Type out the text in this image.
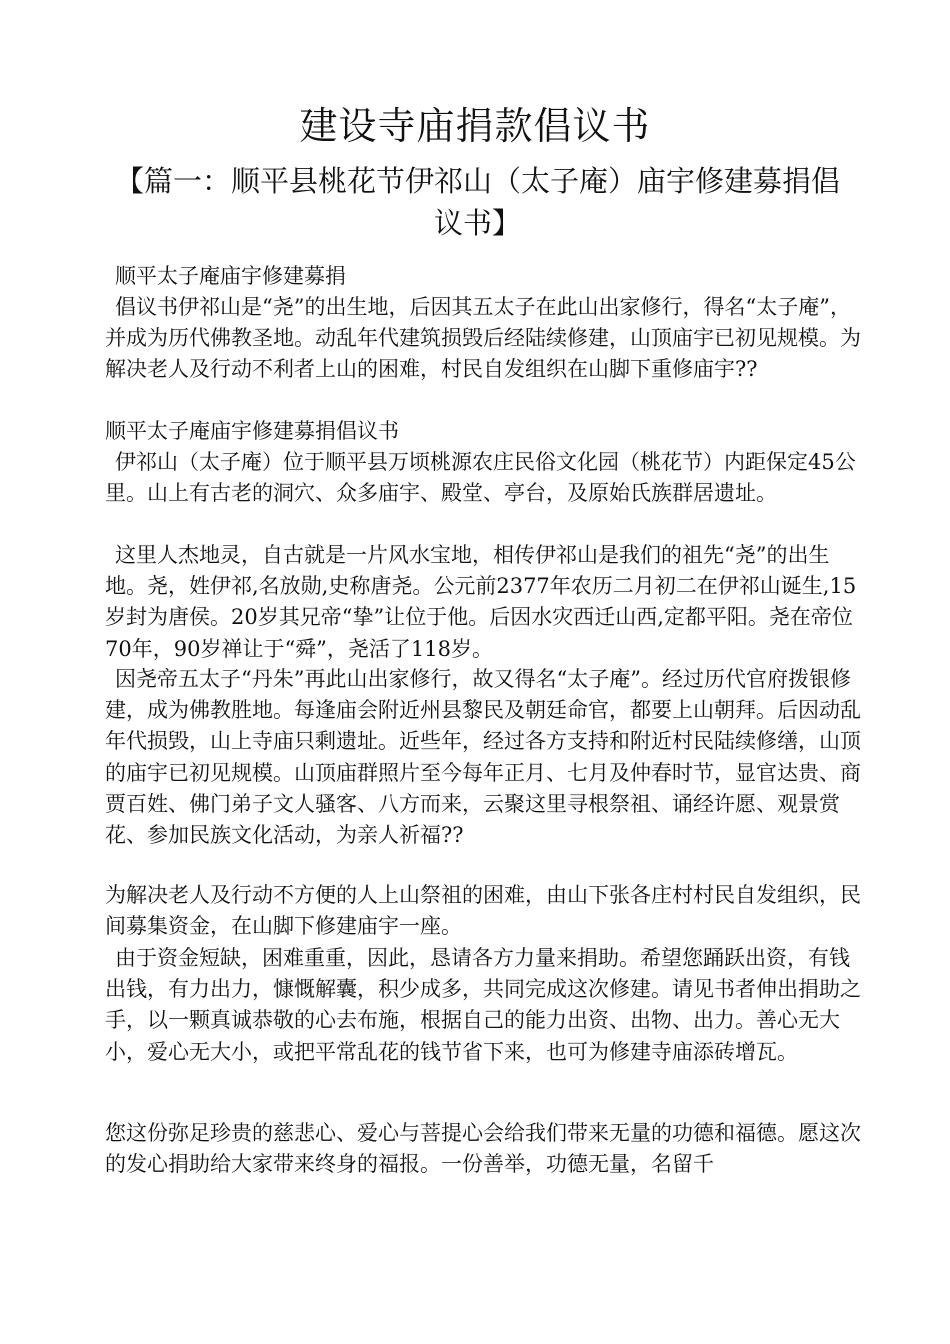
建设寺庙捐款倡议书
【篇一：顺平县桃花节伊祁山（太子庵）庙宇修建募捐倡议书】

顺平太子庵庙宇修建募捐

倡议书伊祁山是“尧”的出生地，后因其五太子在此山出家修行，得名“太子庵”，并成为历代佛教圣地。动乱年代建筑损毁后经陆续修建，山顶庙宇已初见规模。为解决老人及行动不利者上山的困难，村民自发组织在山脚下重修庙宇??

顺平太子庵庙宇修建募捐倡议书

伊祁山（太子庵）位于顺平县万顷桃源农庄民俗文化园（桃花节）内距保定45公里。山上有古老的洞穴、众多庙宇、殿堂、亭台，及原始氏族群居遗址。

这里人杰地灵，自古就是一片风水宝地，相传伊祁山是我们的祖先“尧”的出生地。尧，姓伊祁,名放勋,史称唐尧。公元前2377年农历二月初二在伊祁山诞生,15岁封为唐侯。20岁其兄帝“挚”让位于他。后因水灾西迁山西,定都平阳。尧在帝位70年，90岁禅让于“舜”，尧活了118岁。

因尧帝五太子“丹朱”再此山出家修行，故又得名“太子庵”。经过历代官府拨银修建，成为佛教胜地。每逢庙会附近州县黎民及朝廷命官，都要上山朝拜。后因动乱年代损毁，山上寺庙只剩遗址。近些年，经过各方支持和附近村民陆续修缮，山顶的庙宇已初见规模。山顶庙群照片至今每年正月、七月及仲春时节，显官达贵、商贾百姓、佛门弟子文人骚客、八方而来，云聚这里寻根祭祖、诵经许愿、观景赏花、参加民族文化活动，为亲人祈福??

为解决老人及行动不方便的人上山祭祖的困难，由山下张各庄村村民自发组织，民间募集资金，在山脚下修建庙宇一座。

由于资金短缺，困难重重，因此，恳请各方力量来捐助。希望您踊跃出资，有钱出钱，有力出力，慷慨解囊，积少成多，共同完成这次修建。请见书者伸出捐助之手，以一颗真诚恭敬的心去布施，根据自己的能力出资、出物、出力。善心无大小，爱心无大小，或把平常乱花的钱节省下来，也可为修建寺庙添砖增瓦。

您这份弥足珍贵的慈悲心、爱心与菩提心会给我们带来无量的功德和福德。愿这次的发心捐助给大家带来终身的福报。一份善举，功德无量，名留千
